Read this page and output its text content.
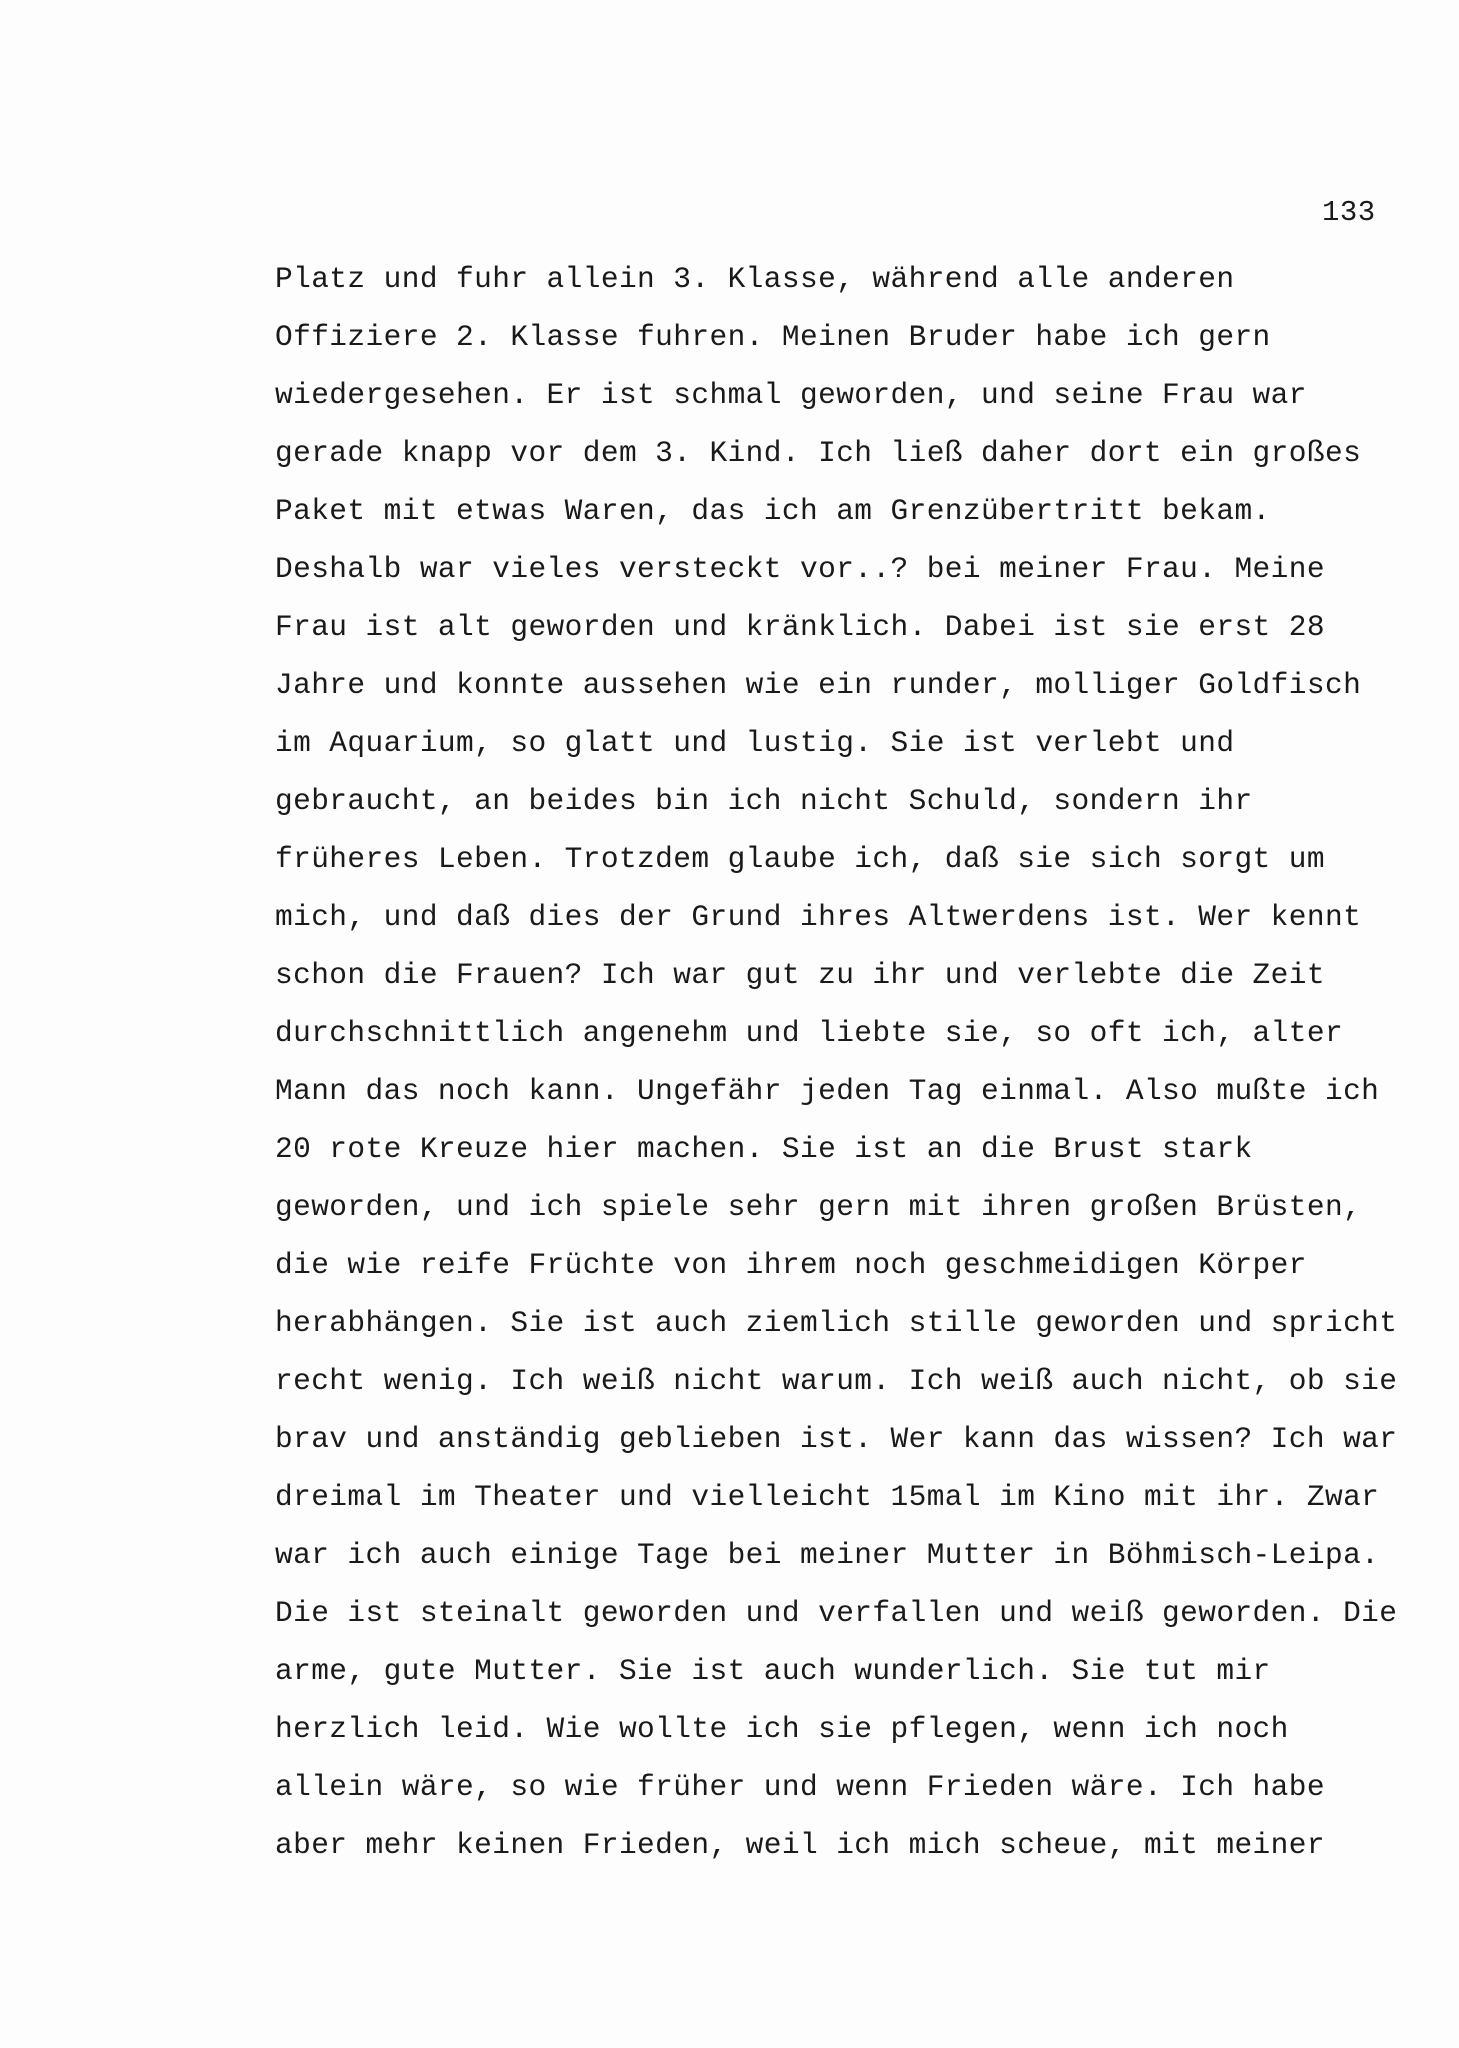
133
Platz und fuhr allein 3. Klasse, während alle anderen
Offiziere 2. Klasse fuhren. Meinen Bruder habe ich gern
wiedergesehen. Er ist schmal geworden, und seine Frau war
gerade knapp vor dem 3. Kind. Ich ließ daher dort ein großes
Paket mit etwas Waren, das ich am Grenzübertritt bekam.
Deshalb war vieles versteckt vor..? bei meiner Frau. Meine
Frau ist alt geworden und kränklich. Dabei ist sie erst 28
Jahre und konnte aussehen wie ein runder, molliger Goldfisch
im Aquarium, so glatt und lustig. Sie ist verlebt und
gebraucht, an beides bin ich nicht Schuld, sondern ihr
früheres Leben. Trotzdem glaube ich, daß sie sich sorgt um
mich, und daß dies der Grund ihres Altwerdens ist. Wer kennt
schon die Frauen? Ich war gut zu ihr und verlebte die Zeit
durchschnittlich angenehm und liebte sie, so oft ich, alter
Mann das noch kann. Ungefähr jeden Tag einmal. Also mußte ich
20 rote Kreuze hier machen. Sie ist an die Brust stark
geworden, und ich spiele sehr gern mit ihren großen Brüsten,
die wie reife Früchte von ihrem noch geschmeidigen Körper
herabhängen. Sie ist auch ziemlich stille geworden und spricht
recht wenig. Ich weiß nicht warum. Ich weiß auch nicht, ob sie
brav und anständig geblieben ist. Wer kann das wissen? Ich war
dreimal im Theater und vielleicht 15mal im Kino mit ihr. Zwar
war ich auch einige Tage bei meiner Mutter in Böhmisch-Leipa.
Die ist steinalt geworden und verfallen und weiß geworden. Die
arme, gute Mutter. Sie ist auch wunderlich. Sie tut mir
herzlich leid. Wie wollte ich sie pflegen, wenn ich noch
allein wäre, so wie früher und wenn Frieden wäre. Ich habe
aber mehr keinen Frieden, weil ich mich scheue, mit meiner
